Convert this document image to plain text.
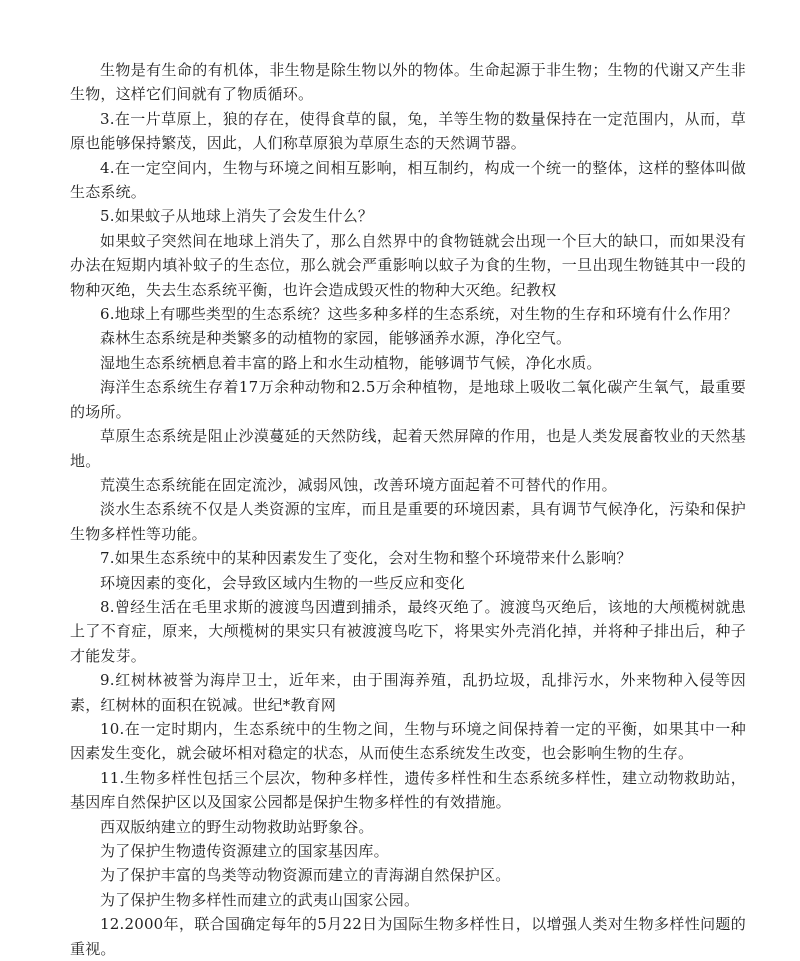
生物是有生命的有机体，非生物是除生物以外的物体。生命起源于非生物；生物的代谢又产生非生物，这样它们间就有了物质循环。

3.在一片草原上，狼的存在，使得食草的鼠，兔，羊等生物的数量保持在一定范围内，从而，草原也能够保持繁茂，因此，人们称草原狼为草原生态的天然调节器。

4.在一定空间内，生物与环境之间相互影响，相互制约，构成一个统一的整体，这样的整体叫做生态系统。

5.如果蚊子从地球上消失了会发生什么？

如果蚊子突然间在地球上消失了，那么自然界中的食物链就会出现一个巨大的缺口，而如果没有办法在短期内填补蚊子的生态位，那么就会严重影响以蚊子为食的生物，一旦出现生物链其中一段的物种灭绝，失去生态系统平衡，也许会造成毁灭性的物种大灭绝。纪教权

6.地球上有哪些类型的生态系统？这些多种多样的生态系统，对生物的生存和环境有什么作用？

森林生态系统是种类繁多的动植物的家园，能够涵养水源，净化空气。

湿地生态系统栖息着丰富的路上和水生动植物，能够调节气候，净化水质。

海洋生态系统生存着17万余种动物和2.5万余种植物，是地球上吸收二氧化碳产生氧气，最重要的场所。

草原生态系统是阻止沙漠蔓延的天然防线，起着天然屏障的作用，也是人类发展畜牧业的天然基地。

荒漠生态系统能在固定流沙，减弱风蚀，改善环境方面起着不可替代的作用。

淡水生态系统不仅是人类资源的宝库，而且是重要的环境因素，具有调节气候净化，污染和保护生物多样性等功能。

7.如果生态系统中的某种因素发生了变化，会对生物和整个环境带来什么影响？

环境因素的变化，会导致区域内生物的一些反应和变化

8.曾经生活在毛里求斯的渡渡鸟因遭到捕杀，最终灭绝了。渡渡鸟灭绝后，该地的大颅榄树就患上了不育症，原来，大颅榄树的果实只有被渡渡鸟吃下，将果实外壳消化掉，并将种子排出后，种子才能发芽。

9.红树林被誉为海岸卫士，近年来，由于围海养殖，乱扔垃圾，乱排污水，外来物种入侵等因素，红树林的面积在锐减。世纪*教育网

10.在一定时期内，生态系统中的生物之间，生物与环境之间保持着一定的平衡，如果其中一种因素发生变化，就会破坏相对稳定的状态，从而使生态系统发生改变，也会影响生物的生存。

11.生物多样性包括三个层次，物种多样性，遗传多样性和生态系统多样性，建立动物救助站，基因库自然保护区以及国家公园都是保护生物多样性的有效措施。

西双版纳建立的野生动物救助站野象谷。

为了保护生物遗传资源建立的国家基因库。

为了保护丰富的鸟类等动物资源而建立的青海湖自然保护区。

为了保护生物多样性而建立的武夷山国家公园。

12.2000年，联合国确定每年的5月22日为国际生物多样性日，以增强人类对生物多样性问题的重视。
